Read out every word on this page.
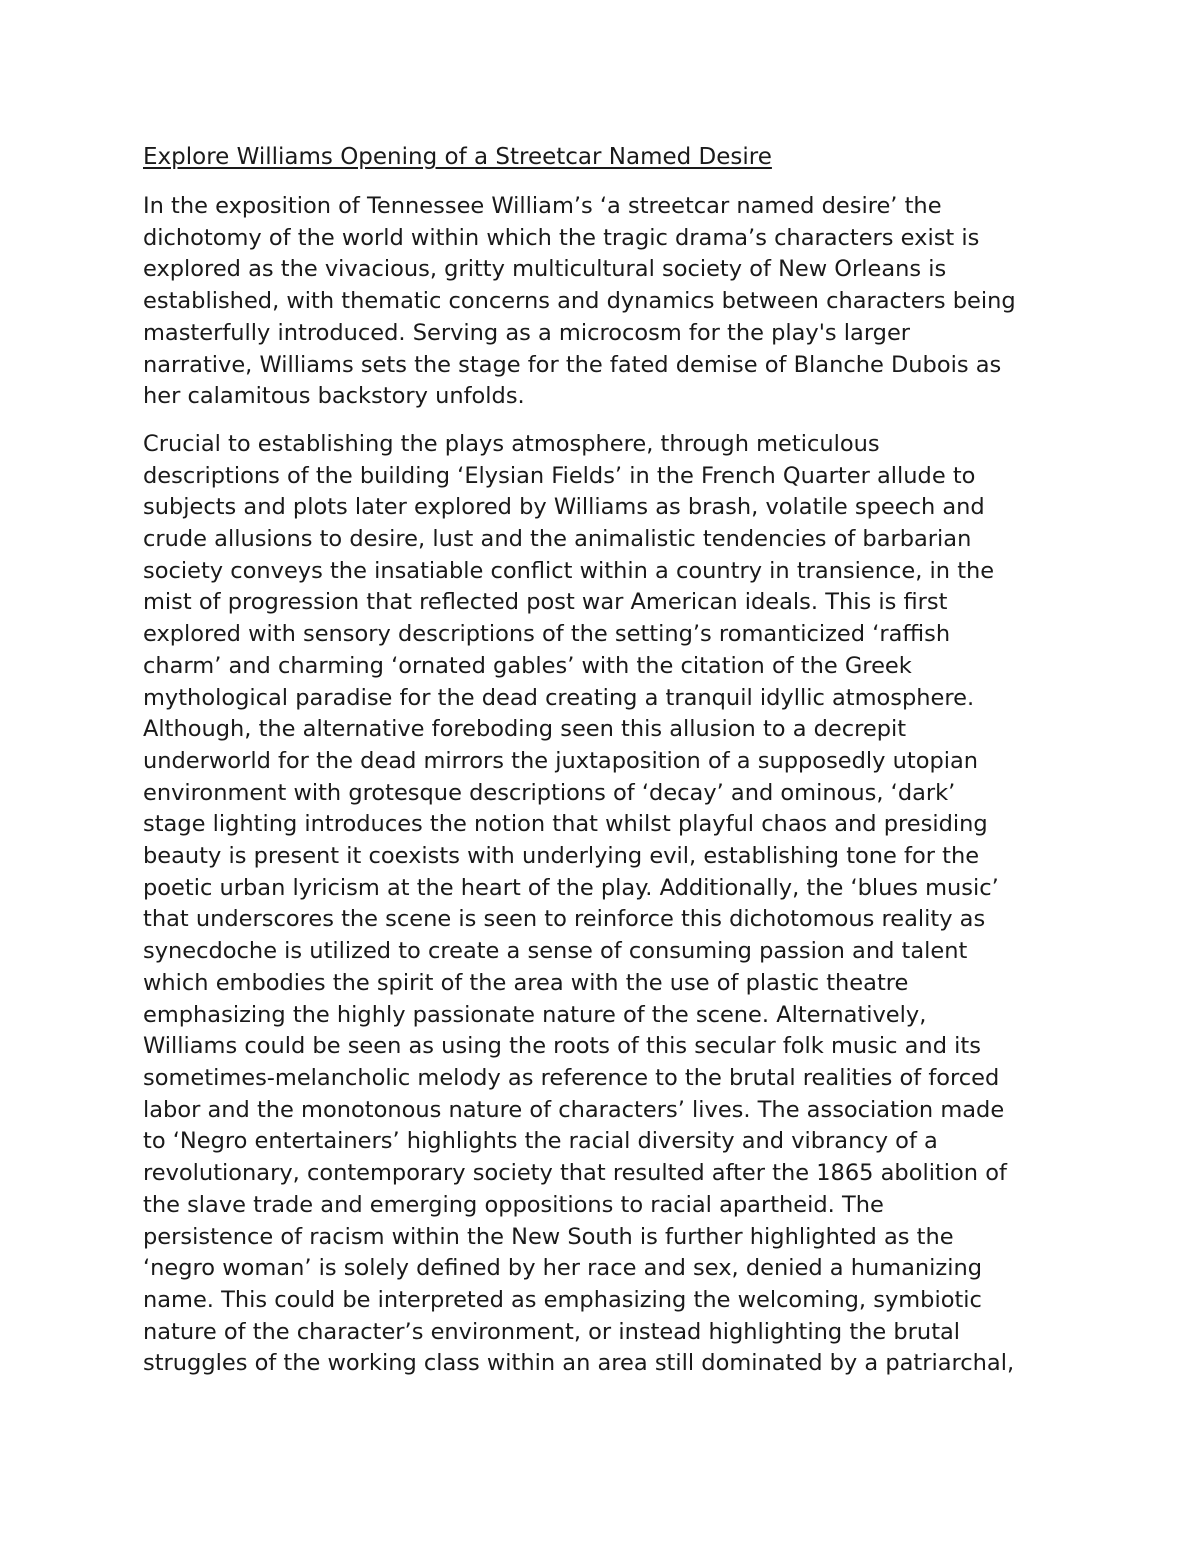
Explore Williams Opening of a Streetcar Named Desire

In the exposition of Tennessee William’s ‘a streetcar named desire’ the
dichotomy of the world within which the tragic drama’s characters exist is
explored as the vivacious, gritty multicultural society of New Orleans is
established, with thematic concerns and dynamics between characters being
masterfully introduced. Serving as a microcosm for the play's larger
narrative, Williams sets the stage for the fated demise of Blanche Dubois as
her calamitous backstory unfolds.

Crucial to establishing the plays atmosphere, through meticulous
descriptions of the building ‘Elysian Fields’ in the French Quarter allude to
subjects and plots later explored by Williams as brash, volatile speech and
crude allusions to desire, lust and the animalistic tendencies of barbarian
society conveys the insatiable conflict within a country in transience, in the
mist of progression that reflected post war American ideals. This is first
explored with sensory descriptions of the setting’s romanticized ‘raffish
charm’ and charming ‘ornated gables’ with the citation of the Greek
mythological paradise for the dead creating a tranquil idyllic atmosphere.
Although, the alternative foreboding seen this allusion to a decrepit
underworld for the dead mirrors the juxtaposition of a supposedly utopian
environment with grotesque descriptions of ‘decay’ and ominous, ‘dark’
stage lighting introduces the notion that whilst playful chaos and presiding
beauty is present it coexists with underlying evil, establishing tone for the
poetic urban lyricism at the heart of the play. Additionally, the ‘blues music’
that underscores the scene is seen to reinforce this dichotomous reality as
synecdoche is utilized to create a sense of consuming passion and talent
which embodies the spirit of the area with the use of plastic theatre
emphasizing the highly passionate nature of the scene. Alternatively,
Williams could be seen as using the roots of this secular folk music and its
sometimes-melancholic melody as reference to the brutal realities of forced
labor and the monotonous nature of characters’ lives. The association made
to ‘Negro entertainers’ highlights the racial diversity and vibrancy of a
revolutionary, contemporary society that resulted after the 1865 abolition of
the slave trade and emerging oppositions to racial apartheid. The
persistence of racism within the New South is further highlighted as the
‘negro woman’ is solely defined by her race and sex, denied a humanizing
name. This could be interpreted as emphasizing the welcoming, symbiotic
nature of the character’s environment, or instead highlighting the brutal
struggles of the working class within an area still dominated by a patriarchal,
